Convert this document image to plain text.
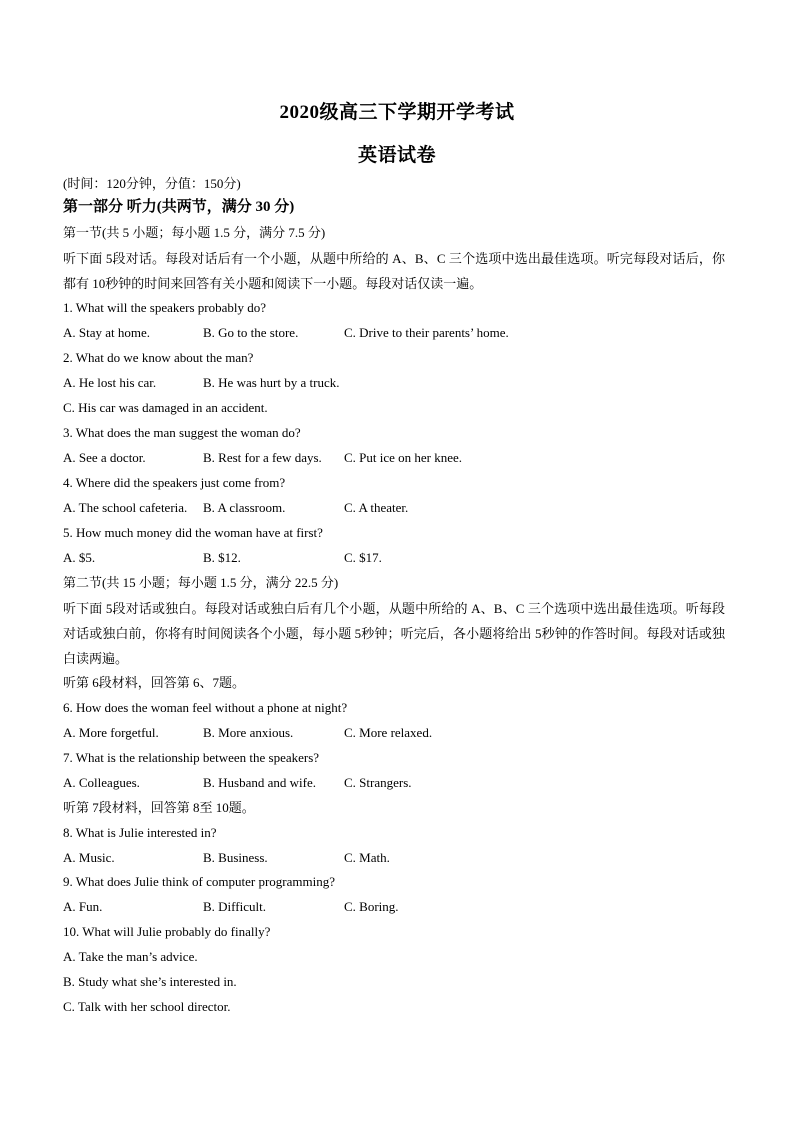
2020级高三下学期开学考试
英语试卷
(时间：120分钟，分值：150分)
第一部分 听力(共两节，满分 30 分)
第一节(共 5 小题；每小题 1.5 分，满分 7.5 分)
听下面 5段对话。每段对话后有一个小题，从题中所给的 A、B、C 三个选项中选出最佳选项。听完每段对话后，你都有 10秒钟的时间来回答有关小题和阅读下一小题。每段对话仅读一遍。
1. What will the speakers probably do?
A. Stay at home.	B. Go to the store.	C. Drive to their parents’ home.
2. What do we know about the man?
A. He lost his car.	B. He was hurt by a truck.
C. His car was damaged in an accident.
3. What does the man suggest the woman do?
A. See a doctor.	B. Rest for a few days. C. Put ice on her knee.
4. Where did the speakers just come from?
A. The school cafeteria. B. A classroom.	C. A theater.
5. How much money did the woman have at first?
A. $5.	B. $12.	C. $17.
第二节(共 15 小题；每小题 1.5 分，满分 22.5 分)
听下面 5段对话或独白。每段对话或独白后有几个小题，从题中所给的 A、B、C 三个选项中选出最佳选项。听每段对话或独白前，你将有时间阅读各个小题，每小题 5秒钟；听完后，各小题将给出 5秒钟的作答时间。每段对话或独白读两遍。
听第 6段材料，回答第 6、7题。
6. How does the woman feel without a phone at night?
A. More forgetful.	B. More anxious.	C. More relaxed.
7. What is the relationship between the speakers?
A. Colleagues.	B. Husband and wife. C. Strangers.
听第 7段材料，回答第 8至 10题。
8. What is Julie interested in?
A. Music.	B. Business.	C. Math.
9. What does Julie think of computer programming?
A. Fun.	B. Difficult.	C. Boring.
10. What will Julie probably do finally?
A. Take the man’s advice.
B. Study what she’s interested in.
C. Talk with her school director.
